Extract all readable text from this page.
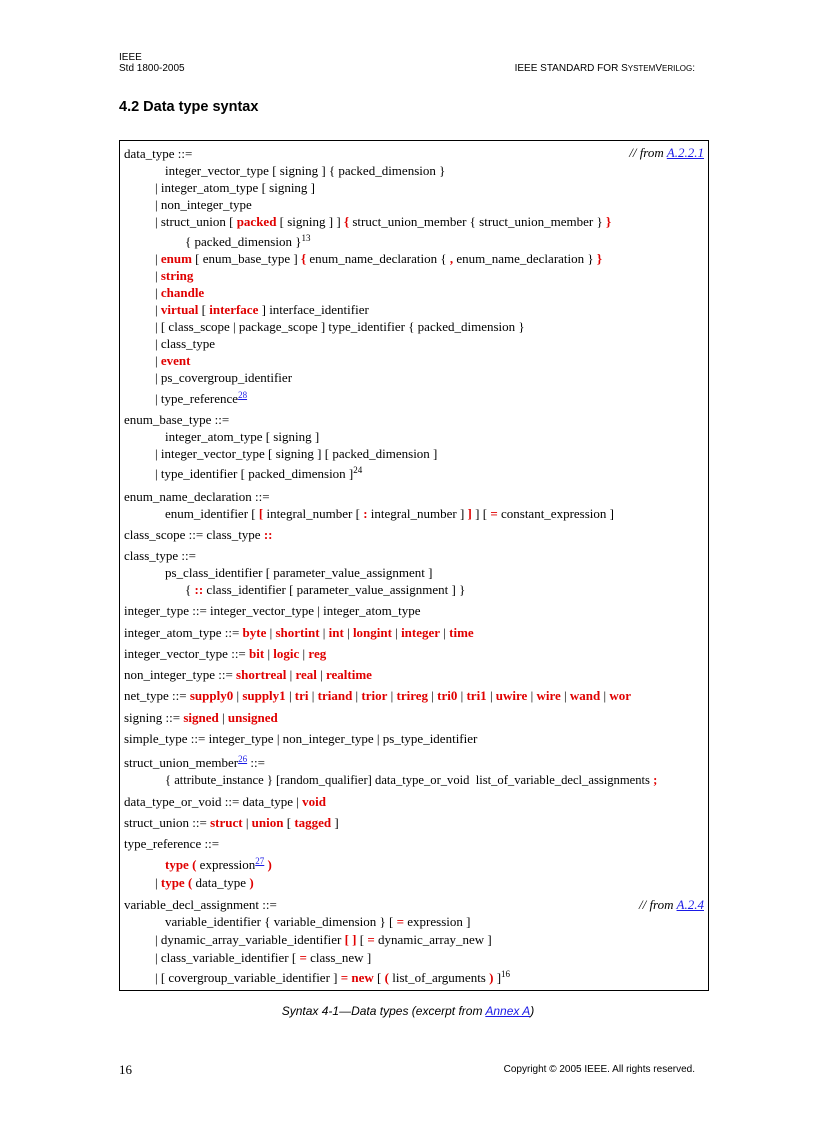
IEEE
Std 1800-2005	IEEE STANDARD FOR SYSTEMVERILOG:
4.2 Data type syntax
// from A.2.2.1
// from A.2.4
data_type ::=
integer_vector_type [ signing ] { packed_dimension }
| integer_atom_type [ signing ]
| non_integer_type
| struct_union [ packed [ signing ] ] { struct_union_member { struct_union_member } }
{ packed_dimension }$^{13}$
| enum [ enum_base_type ] { enum_name_declaration { , enum_name_declaration } }
| string
| chandle
| virtual [ interface ] interface_identifier
| [ class_scope | package_scope ] type_identifier { packed_dimension }
| class_type
| event
| ps_covergroup_identifier
| type_reference$^{28}$
enum_base_type ::=
integer_atom_type [ signing ]
| integer_vector_type [ signing ] [ packed_dimension ]
| type_identifier [ packed_dimension ]$^{24}$
enum_name_declaration ::=
enum_identifier [ [ integral_number [ : integral_number ] ] ] [ = constant_expression ]
class_scope ::= class_type ::
class_type ::=
ps_class_identifier [ parameter_value_assignment ]
{ :: class_identifier [ parameter_value_assignment ] }
integer_type ::= integer_vector_type | integer_atom_type
integer_atom_type ::= byte | shortint | int | longint | integer | time
integer_vector_type ::= bit | logic | reg
non_integer_type ::= shortreal | real | realtime
net_type ::= supply0 | supply1 | tri | triand | trior | trireg | tri0 | tri1 | uwire | wire | wand | wor
signing ::= signed | unsigned
simple_type ::= integer_type | non_integer_type | ps_type_identifier
struct_union_member$^{26}$ ::=
{ attribute_instance } [random_qualifier] data_type_or_void  list_of_variable_decl_assignments ;
data_type_or_void ::= data_type | void
struct_union ::= struct | union [ tagged ]
type_reference ::=
type ( expression$^{27}$ )
| type ( data_type )
variable_decl_assignment ::=
variable_identifier { variable_dimension } [ = expression ]
| dynamic_array_variable_identifier [ ] [ = dynamic_array_new ]
| class_variable_identifier [ = class_new ]
| [ covergroup_variable_identifier ] = new [ ( list_of_arguments ) ]$^{16}$
Syntax 4-1—Data types (excerpt from Annex A)
16	Copyright © 2005 IEEE. All rights reserved.
